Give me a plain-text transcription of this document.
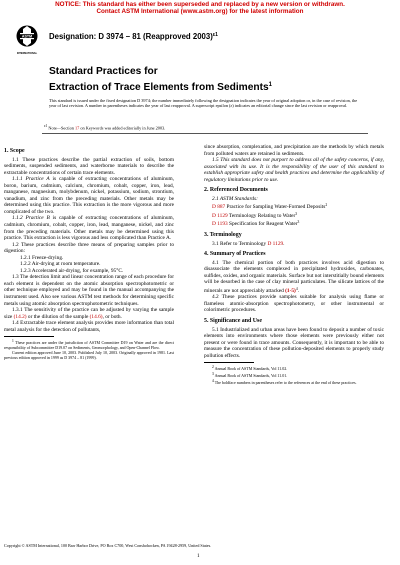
NOTICE: This standard has either been superseded and replaced by a new version or withdrawn.
Contact ASTM International (www.astm.org) for the latest information
ASTM
INTERNATIONAL
Designation: D 3974 – 81 (Reapproved 2003)$^{\varepsilon 1}$
Standard Practices for
Extraction of Trace Elements from Sediments$^1$
This standard is issued under the fixed designation D 3974; the number immediately following the designation indicates the year of original adoption or, in the case of revision, the year of last revision. A number in parentheses indicates the year of last reapproval. A superscript epsilon (ε) indicates an editorial change since the last revision or reapproval.
$^{\varepsilon 1}$ Note—Section 17 on Keywords was added editorially in June 2003.
1. Scope

1.1 These practices describe the partial extraction of soils, bottom sediments, suspended sediments, and waterborne materials to describe the extractable concentrations of certain trace elements.

1.1.1 Practice A is capable of extracting concentrations of aluminum, boron, barium, cadmium, calcium, chromium, cobalt, copper, iron, lead, manganese, magnesium, molybdenum, nickel, potassium, sodium, strontium, vanadium, and zinc from the preceding materials. Other metals may be determined using this practice. This extraction is the more vigorous and more complicated of the two.

1.1.2 Practice B is capable of extracting concentrations of aluminum, cadmium, chromium, cobalt, copper, iron, lead, manganese, nickel, and zinc from the preceding materials. Other metals may be determined using this practice. This extraction is less vigorous and less complicated than Practice A.

1.2 These practices describe three means of preparing samples prior to digestion:

1.2.1 Freeze-drying.

1.2.2 Air-drying at room temperature.

1.2.3 Accelerated air-drying, for example, 95°C.

1.3 The detection limit and linear concentration range of each procedure for each element is dependent on the atomic absorption spectrophotometric or other technique employed and may be found in the manual accompanying the instrument used. Also see various ASTM test methods for determining specific metals using atomic absorption spectrophotometric techniques.

1.3.1 The sensitivity of the practice can be adjusted by varying the sample size (14.2) or the dilution of the sample (14.6), or both.

1.4 Extractable trace element analysis provides more information than total metal analysis for the detection of pollutants,

$^1$ These practices are under the jurisdiction of ASTM Committee D19 on Water and are the direct responsibility of Subcommittee D19.07 on Sediments, Geomorphology, and Open-Channel Flow.

Current edition approved June 10, 2003. Published July 10, 2003. Originally approved in 1981. Last previous edition approved in 1999 as D 3974 – 81 (1999).

since absorption, complexation, and precipitation are the methods by which metals from polluted waters are retained in sediments.

1.5 This standard does not purport to address all of the safety concerns, if any, associated with its use. It is the responsibility of the user of this standard to establish appropriate safety and health practices and determine the applicability of regulatory limitations prior to use.

2. Referenced Documents

2.1 ASTM Standards:

D 887 Practice for Sampling Water-Formed Deposits$^2$

D 1129 Terminology Relating to Water$^3$

D 1193 Specification for Reagent Water$^3$

3. Terminology

3.1 Refer to Terminology D 1129.

4. Summary of Practices

4.1 The chemical portion of both practices involves acid digestion to disassociate the elements complexed in precipitated hydroxides, carbonates, sulfides, oxides, and organic materials. Surface but not interstitially bound elements will be desorbed in the case of clay mineral particulates. The silicate lattices of the minerals are not appreciably attacked $(1-5)^4$.

4.2 These practices provide samples suitable for analysis using flame or flameless atomic-absorption spectrophotometry, or other instrumental or colorimetric procedures.

5. Significance and Use

5.1 Industrialized and urban areas have been found to deposit a number of toxic elements into environments where those elements were previously either not present or were found in trace amounts. Consequently, it is important to be able to measure the concentration of these pollution-deposited elements to properly study pollution effects.

$^2$ Annual Book of ASTM Standards, Vol 11.02.

$^3$ Annual Book of ASTM Standards, Vol 11.01.

$^4$ The boldface numbers in parentheses refer to the references at the end of these practices.

Copyright © ASTM International, 100 Barr Harbor Drive, PO Box C700, West Conshohocken, PA 19428-2959, United States.
1
